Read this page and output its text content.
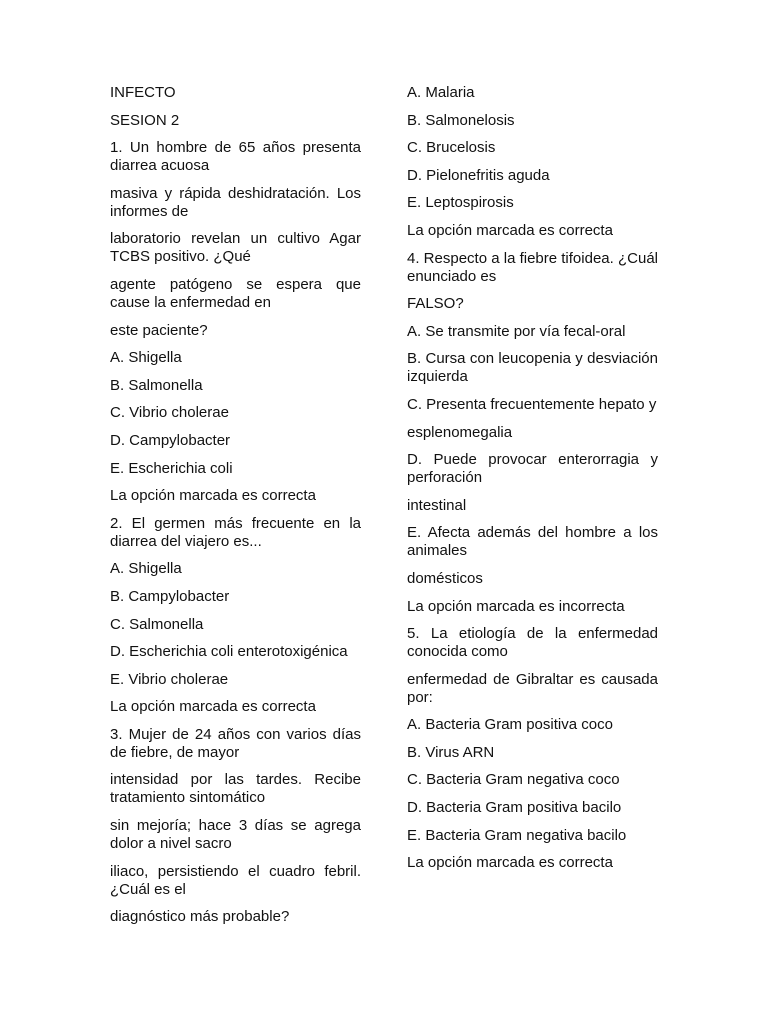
INFECTO

SESION 2

1. Un hombre de 65 años presenta diarrea acuosa

masiva y rápida deshidratación. Los informes de

laboratorio revelan un cultivo Agar TCBS positivo. ¿Qué

agente patógeno se espera que cause la enfermedad en

este paciente?

A. Shigella

B. Salmonella

C. Vibrio cholerae

D. Campylobacter

E. Escherichia coli

La opción marcada es correcta

2. El germen más frecuente en la diarrea del viajero es...

A. Shigella

B. Campylobacter

C. Salmonella

D. Escherichia coli enterotoxigénica

E. Vibrio cholerae

La opción marcada es correcta

3. Mujer de 24 años con varios días de fiebre, de mayor

intensidad por las tardes. Recibe tratamiento sintomático

sin mejoría; hace 3 días se agrega dolor a nivel sacro

iliaco, persistiendo el cuadro febril. ¿Cuál es el

diagnóstico más probable?

A. Malaria

B. Salmonelosis

C. Brucelosis

D. Pielonefritis aguda

E. Leptospirosis

La opción marcada es correcta

4. Respecto a la fiebre tifoidea. ¿Cuál enunciado es

FALSO?

A. Se transmite por vía fecal-oral

B. Cursa con leucopenia y desviación izquierda

C. Presenta frecuentemente hepato y

esplenomegalia

D. Puede provocar enterorragia y perforación

intestinal

E. Afecta además del hombre a los animales

domésticos

La opción marcada es incorrecta

5. La etiología de la enfermedad conocida como

enfermedad de Gibraltar es causada por:

A. Bacteria Gram positiva coco

B. Virus ARN

C. Bacteria Gram negativa coco

D. Bacteria Gram positiva bacilo

E. Bacteria Gram negativa bacilo

La opción marcada es correcta
